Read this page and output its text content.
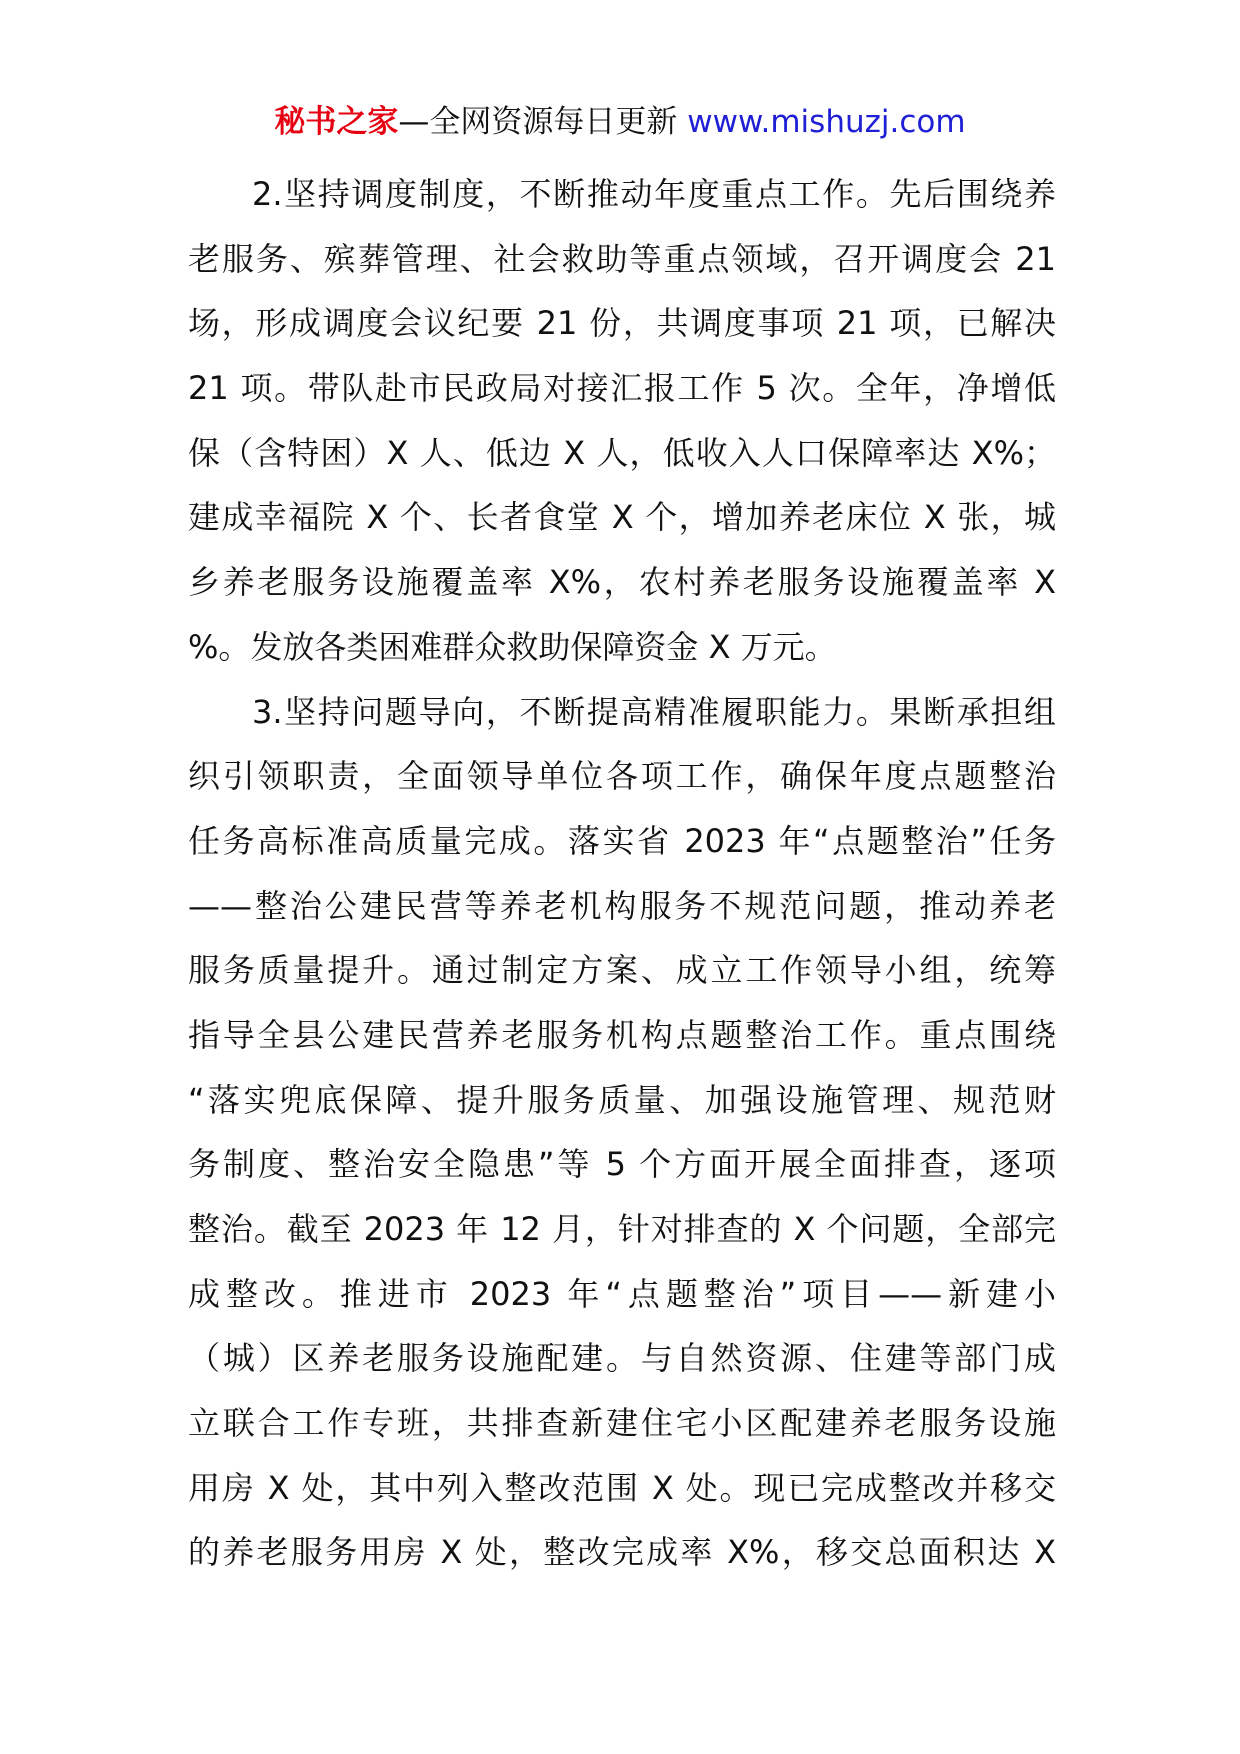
秘书之家—全网资源每日更新 www.mishuzj.com
2.坚持调度制度，不断推动年度重点工作。先后围绕养
老服务、殡葬管理、社会救助等重点领域，召开调度会 21
场，形成调度会议纪要 21 份，共调度事项 21 项，已解决
21 项。带队赴市民政局对接汇报工作 5 次。全年，净增低
保（含特困）X 人、低边 X 人，低收入人口保障率达 X%；
建成幸福院 X 个、长者食堂 X 个，增加养老床位 X 张，城
乡养老服务设施覆盖率 X%，农村养老服务设施覆盖率 X
%。发放各类困难群众救助保障资金 X 万元。
3.坚持问题导向，不断提高精准履职能力。果断承担组
织引领职责，全面领导单位各项工作，确保年度点题整治
任务高标准高质量完成。落实省 2023 年“点题整治”任务
——整治公建民营等养老机构服务不规范问题，推动养老
服务质量提升。通过制定方案、成立工作领导小组，统筹
指导全县公建民营养老服务机构点题整治工作。重点围绕
“落实兜底保障、提升服务质量、加强设施管理、规范财
务制度、整治安全隐患”等 5 个方面开展全面排查，逐项
整治。截至 2023 年 12 月，针对排查的 X 个问题，全部完
成整改。推进市 2023 年“点题整治”项目——新建小
（城）区养老服务设施配建。与自然资源、住建等部门成
立联合工作专班，共排查新建住宅小区配建养老服务设施
用房 X 处，其中列入整改范围 X 处。现已完成整改并移交
的养老服务用房 X 处，整改完成率 X%，移交总面积达 X
